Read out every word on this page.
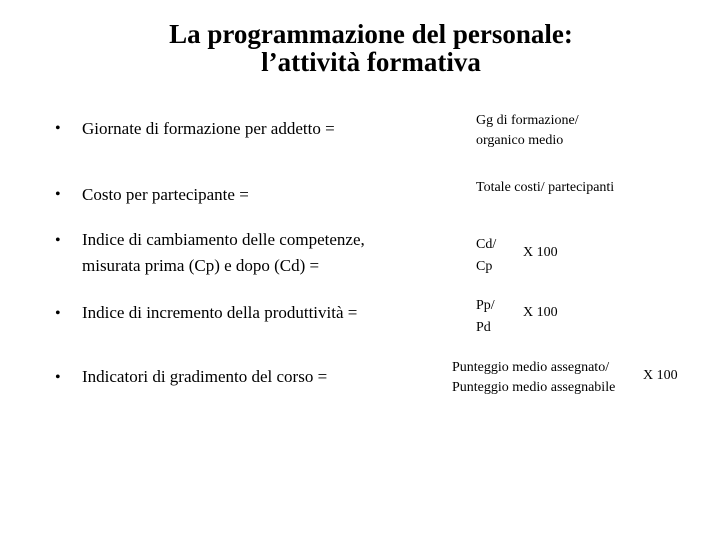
La programmazione del personale:
l’attività formativa
• Giornate di formazione per addetto =	Gg di formazione/
organico medio
• Costo per partecipante =	Totale costi/ partecipanti
• Indice di cambiamento delle competenze,
misurata prima (Cp) e dopo (Cd) =
Cd/
Cp
X 100
• Indice di incremento della produttività =	Pp/
Pd
X 100
• Indicatori di gradimento del corso =	Punteggio medio assegnato/
Punteggio medio assegnabile
X 100
